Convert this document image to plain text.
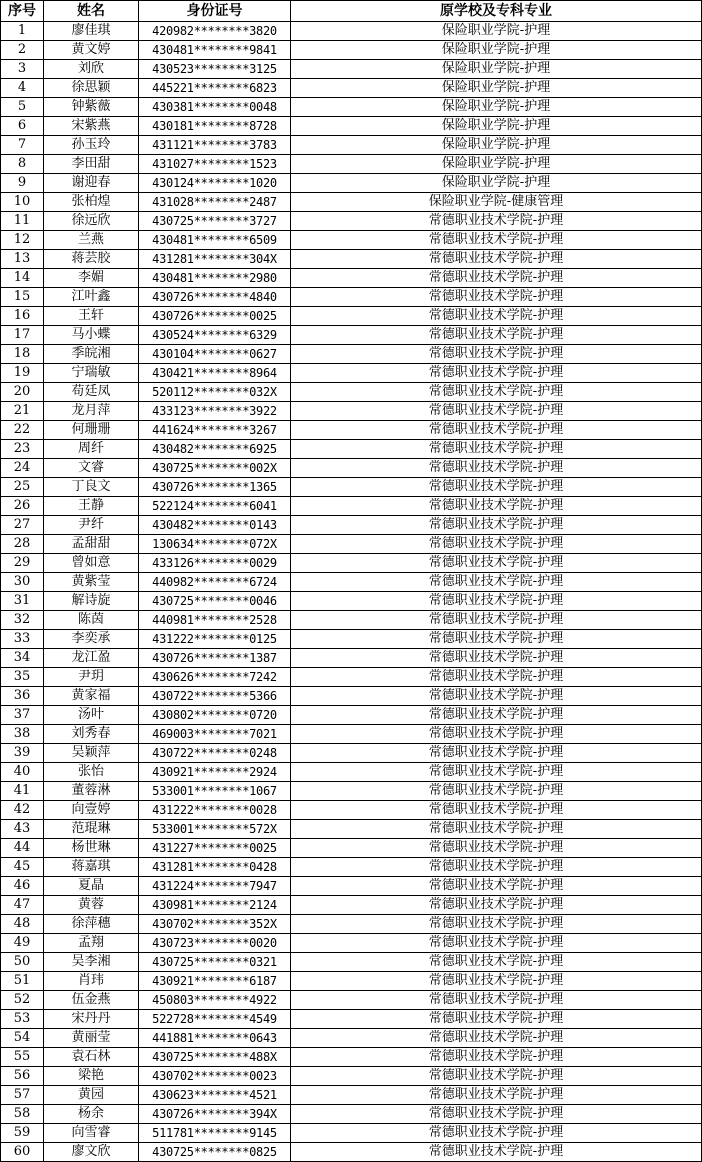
序号	姓名	身份证号	原学校及专科专业
1	廖佳琪	420982********3820	保险职业学院-护理
2	黄文婷	430481********9841	保险职业学院-护理
3	刘欣	430523********3125	保险职业学院-护理
4	徐思颖	445221********6823	保险职业学院-护理
5	钟紫薇	430381********0048	保险职业学院-护理
6	宋紫燕	430181********8728	保险职业学院-护理
7	孙玉玲	431121********3783	保险职业学院-护理
8	李田甜	431027********1523	保险职业学院-护理
9	谢迎春	430124********1020	保险职业学院-护理
10	张柏煌	431028********2487	保险职业学院-健康管理
11	徐远欣	430725********3727	常德职业技术学院-护理
12	兰燕	430481********6509	常德职业技术学院-护理
13	蒋芸胶	431281********304X	常德职业技术学院-护理
14	李媚	430481********2980	常德职业技术学院-护理
15	江叶鑫	430726********4840	常德职业技术学院-护理
16	王轩	430726********0025	常德职业技术学院-护理
17	马小蝶	430524********6329	常德职业技术学院-护理
18	季皖湘	430104********0627	常德职业技术学院-护理
19	宁瑞敏	430421********8964	常德职业技术学院-护理
20	苟廷凤	520112********032X	常德职业技术学院-护理
21	龙月萍	433123********3922	常德职业技术学院-护理
22	何珊珊	441624********3267	常德职业技术学院-护理
23	周纤	430482********6925	常德职业技术学院-护理
24	文睿	430725********002X	常德职业技术学院-护理
25	丁良文	430726********1365	常德职业技术学院-护理
26	王静	522124********6041	常德职业技术学院-护理
27	尹纤	430482********0143	常德职业技术学院-护理
28	孟甜甜	130634********072X	常德职业技术学院-护理
29	曾如意	433126********0029	常德职业技术学院-护理
30	黄紫莹	440982********6724	常德职业技术学院-护理
31	解诗旋	430725********0046	常德职业技术学院-护理
32	陈茵	440981********2528	常德职业技术学院-护理
33	李奕承	431222********0125	常德职业技术学院-护理
34	龙江盈	430726********1387	常德职业技术学院-护理
35	尹玥	430626********7242	常德职业技术学院-护理
36	黄家福	430722********5366	常德职业技术学院-护理
37	汤叶	430802********0720	常德职业技术学院-护理
38	刘秀春	469003********7021	常德职业技术学院-护理
39	吴颖萍	430722********0248	常德职业技术学院-护理
40	张怡	430921********2924	常德职业技术学院-护理
41	董蓉淋	533001********1067	常德职业技术学院-护理
42	向壹婷	431222********0028	常德职业技术学院-护理
43	范琨琳	533001********572X	常德职业技术学院-护理
44	杨世琳	431227********0025	常德职业技术学院-护理
45	蒋嘉琪	431281********0428	常德职业技术学院-护理
46	夏晶	431224********7947	常德职业技术学院-护理
47	黄蓉	430981********2124	常德职业技术学院-护理
48	徐萍穗	430702********352X	常德职业技术学院-护理
49	孟翔	430723********0020	常德职业技术学院-护理
50	吴李湘	430725********0321	常德职业技术学院-护理
51	肖玮	430921********6187	常德职业技术学院-护理
52	伍金燕	450803********4922	常德职业技术学院-护理
53	宋丹丹	522728********4549	常德职业技术学院-护理
54	黄丽莹	441881********0643	常德职业技术学院-护理
55	袁石林	430725********488X	常德职业技术学院-护理
56	梁艳	430702********0023	常德职业技术学院-护理
57	黄园	430623********4521	常德职业技术学院-护理
58	杨余	430726********394X	常德职业技术学院-护理
59	向雪睿	511781********9145	常德职业技术学院-护理
60	廖文欣	430725********0825	常德职业技术学院-护理
